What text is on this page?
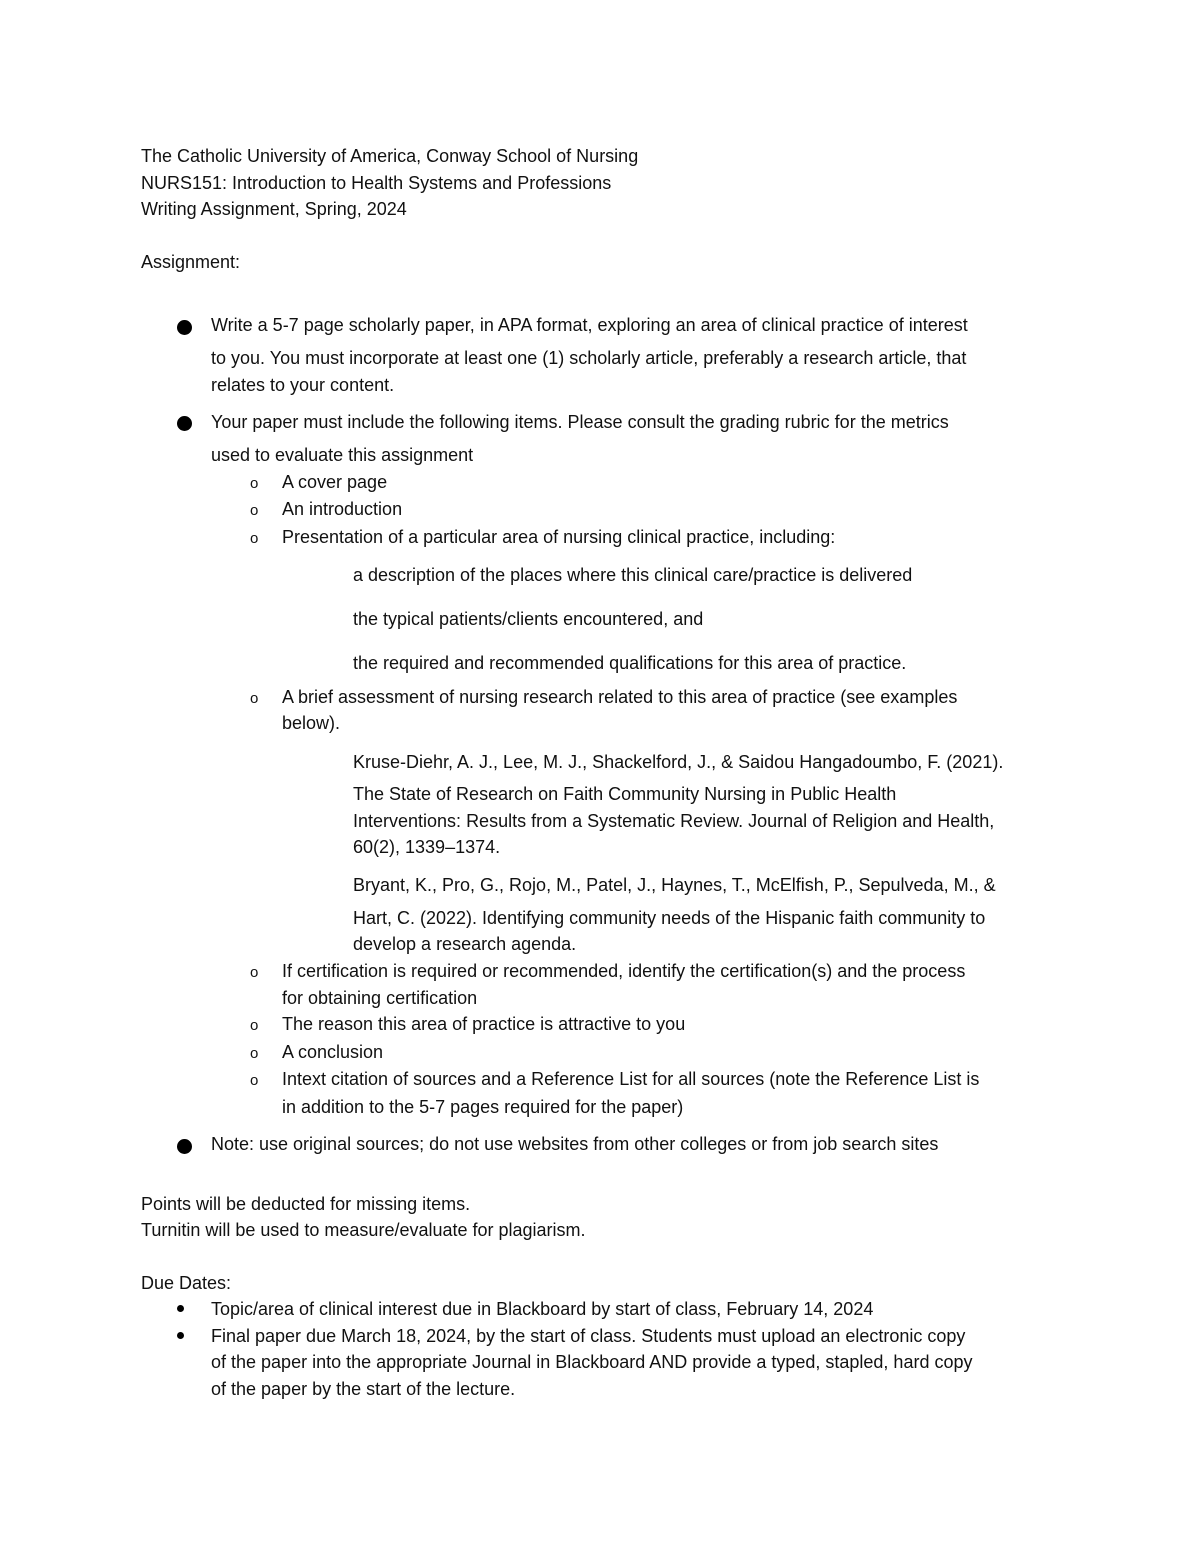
The Catholic University of America, Conway School of Nursing
NURS151: Introduction to Health Systems and Professions
Writing Assignment, Spring, 2024
Assignment:
Write a 5-7 page scholarly paper, in APA format, exploring an area of clinical practice of interest
to you. You must incorporate at least one (1) scholarly article, preferably a research article, that
relates to your content.
Your paper must include the following items. Please consult the grading rubric for the metrics
used to evaluate this assignment
o A cover page
o An introduction
o Presentation of a particular area of nursing clinical practice, including:
a description of the places where this clinical care/practice is delivered
the typical patients/clients encountered, and
the required and recommended qualifications for this area of practice.
o A brief assessment of nursing research related to this area of practice (see examples
below).
Kruse-Diehr, A. J., Lee, M. J., Shackelford, J., & Saidou Hangadoumbo, F. (2021).
The State of Research on Faith Community Nursing in Public Health
Interventions: Results from a Systematic Review. Journal of Religion and Health,
60(2), 1339–1374.
Bryant, K., Pro, G., Rojo, M., Patel, J., Haynes, T., McElfish, P., Sepulveda, M., &
Hart, C. (2022). Identifying community needs of the Hispanic faith community to
develop a research agenda.
o If certification is required or recommended, identify the certification(s) and the process
for obtaining certification
o The reason this area of practice is attractive to you
o A conclusion
o Intext citation of sources and a Reference List for all sources (note the Reference List is
in addition to the 5-7 pages required for the paper)
Note: use original sources; do not use websites from other colleges or from job search sites
Points will be deducted for missing items.
Turnitin will be used to measure/evaluate for plagiarism.
Due Dates:
Topic/area of clinical interest due in Blackboard by start of class, February 14, 2024
Final paper due March 18, 2024, by the start of class. Students must upload an electronic copy
of the paper into the appropriate Journal in Blackboard AND provide a typed, stapled, hard copy
of the paper by the start of the lecture.
